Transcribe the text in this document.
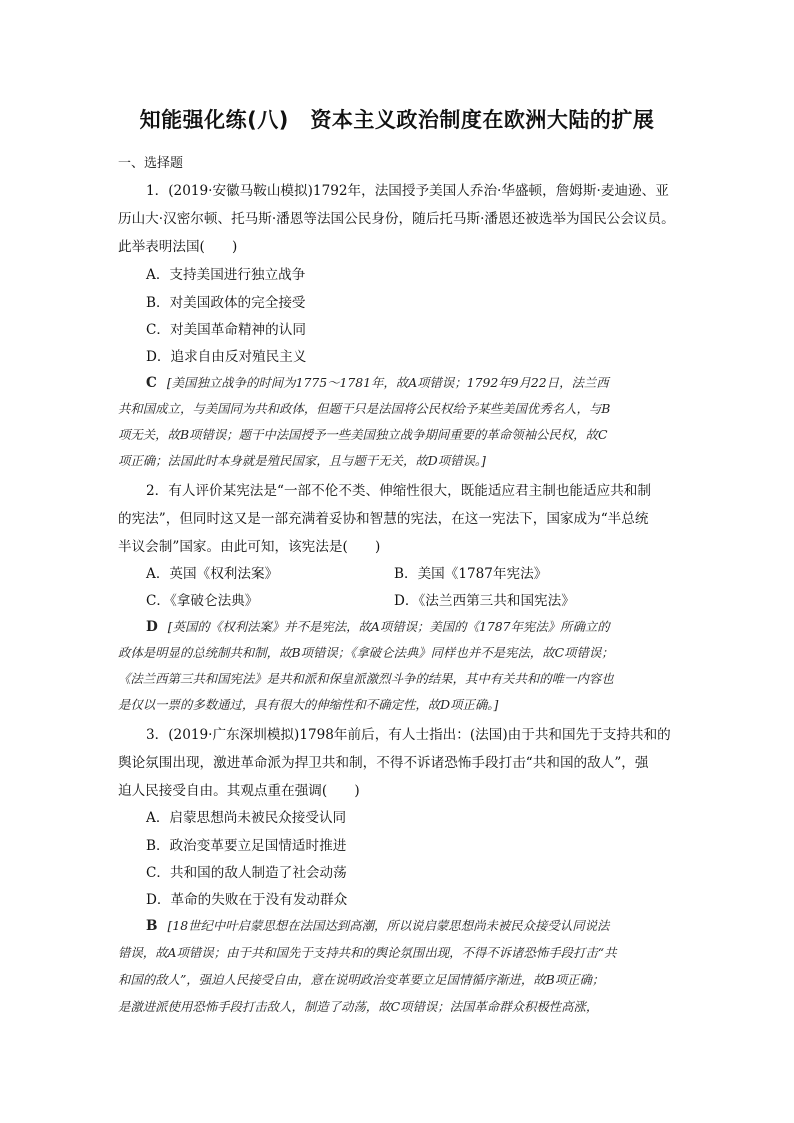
知能强化练(八)　资本主义政治制度在欧洲大陆的扩展
一、选择题
1．(2019·安徽马鞍山模拟)1792年，法国授予美国人乔治·华盛顿，詹姆斯·麦迪逊、亚
历山大·汉密尔顿、托马斯·潘恩等法国公民身份，随后托马斯·潘恩还被选举为国民公会议员。
此举表明法国(　　)
A．支持美国进行独立战争
B．对美国政体的完全接受
C．对美国革命精神的认同
D．追求自由反对殖民主义
C [美国独立战争的时间为1775～1781年，故A项错误；1792年9月22日，法兰西
共和国成立，与美国同为共和政体，但题干只是法国将公民权给予某些美国优秀名人，与B
项无关，故B项错误；题干中法国授予一些美国独立战争期间重要的革命领袖公民权，故C
项正确；法国此时本身就是殖民国家，且与题干无关，故D项错误。]
2．有人评价某宪法是“一部不伦不类、伸缩性很大，既能适应君主制也能适应共和制
的宪法”，但同时这又是一部充满着妥协和智慧的宪法，在这一宪法下，国家成为“半总统
半议会制”国家。由此可知，该宪法是(　　)
A．英国《权利法案》	B．美国《1787年宪法》
C．《拿破仑法典》	D．《法兰西第三共和国宪法》
D [英国的《权利法案》并不是宪法，故A项错误；美国的《1787年宪法》所确立的
政体是明显的总统制共和制，故B项错误；《拿破仑法典》同样也并不是宪法，故C项错误；
《法兰西第三共和国宪法》是共和派和保皇派激烈斗争的结果，其中有关共和的唯一内容也
是仅以一票的多数通过，具有很大的伸缩性和不确定性，故D项正确。]
3．(2019·广东深圳模拟)1798年前后，有人士指出：(法国)由于共和国先于支持共和的
舆论氛围出现，激进革命派为捍卫共和制，不得不诉诸恐怖手段打击“共和国的敌人”，强
迫人民接受自由。其观点重在强调(　　)
A．启蒙思想尚未被民众接受认同
B．政治变革要立足国情适时推进
C．共和国的敌人制造了社会动荡
D．革命的失败在于没有发动群众
B [18世纪中叶启蒙思想在法国达到高潮，所以说启蒙思想尚未被民众接受认同说法
错误，故A项错误；由于共和国先于支持共和的舆论氛围出现，不得不诉诸恐怖手段打击“共
和国的敌人”，强迫人民接受自由，意在说明政治变革要立足国情循序渐进，故B项正确；
是激进派使用恐怖手段打击敌人，制造了动荡，故C项错误；法国革命群众积极性高涨，
